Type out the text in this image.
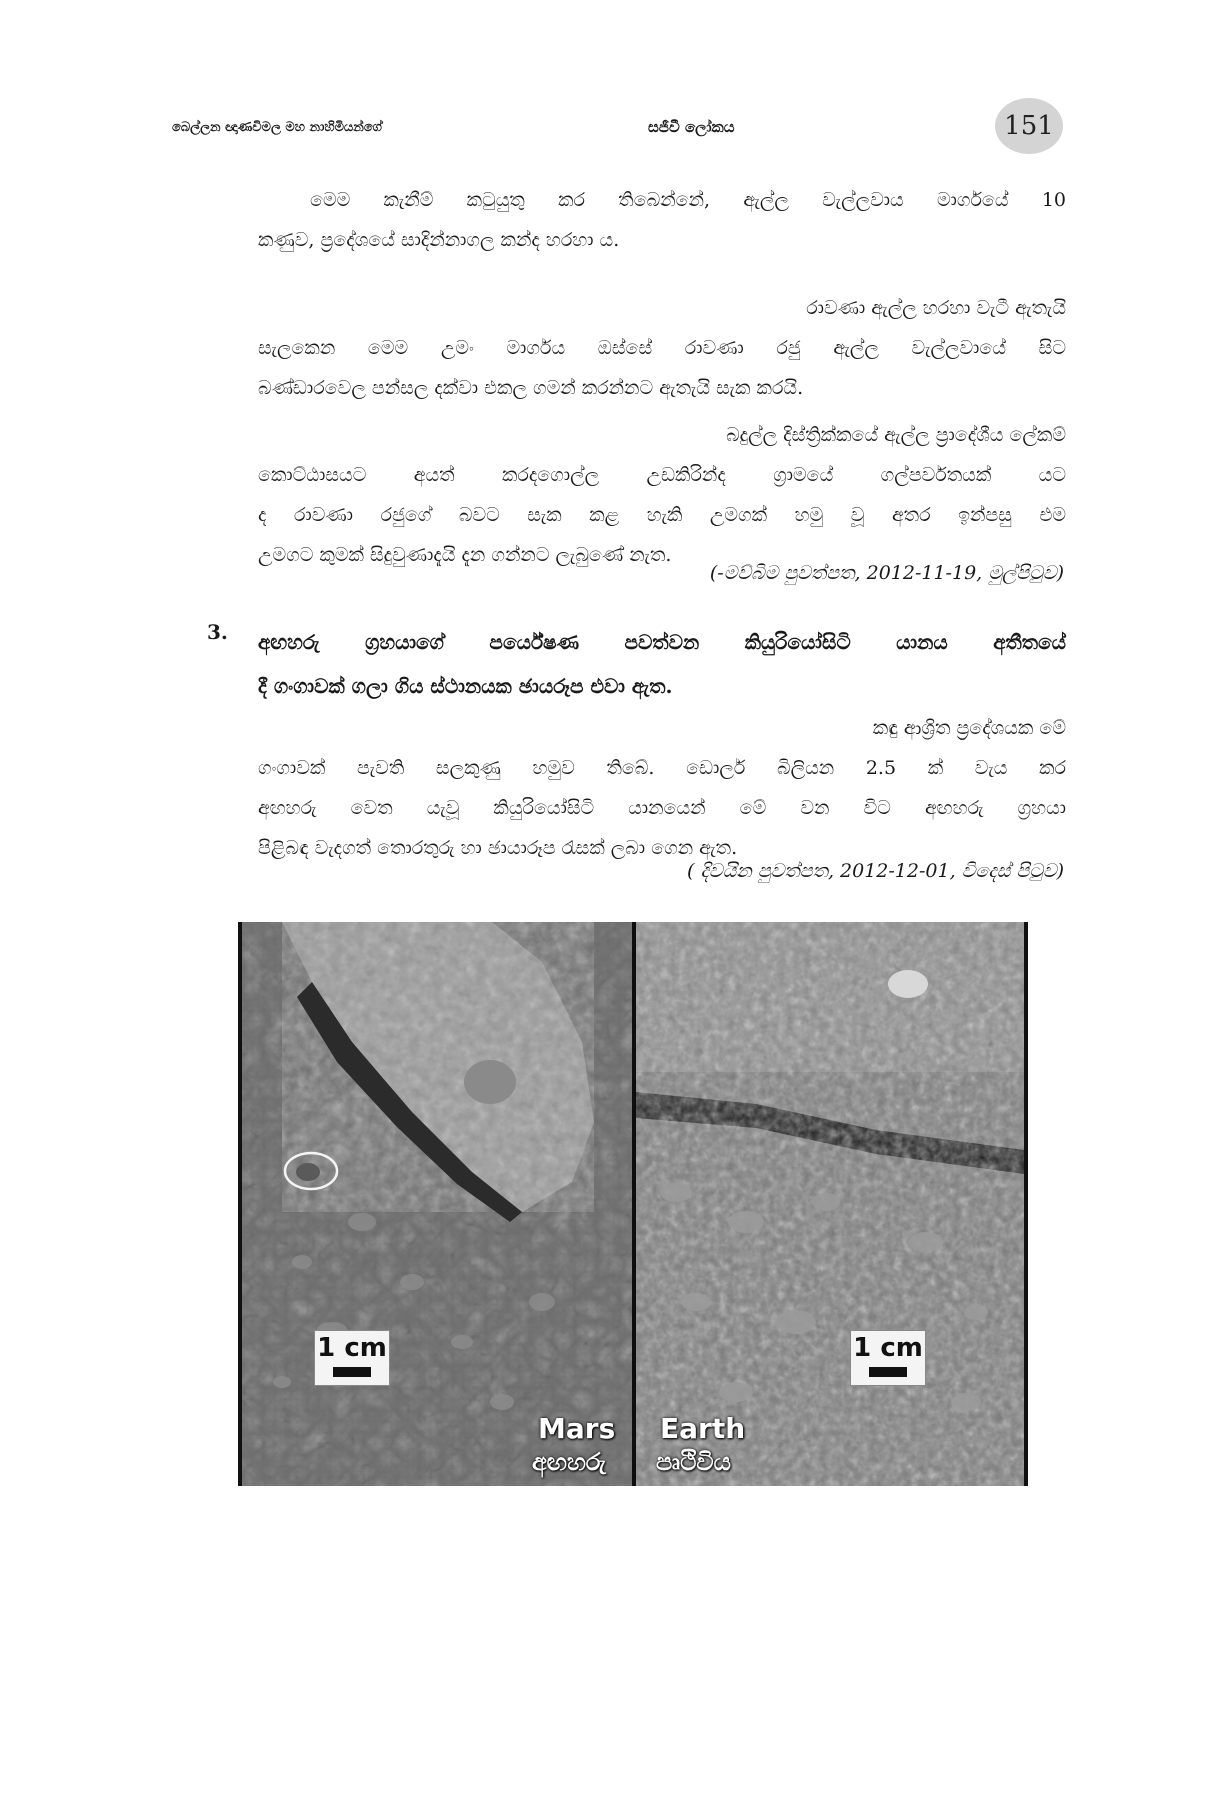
බෙල්ලන ඥාණවිමල මහ නාහිමියන්ගේ	සජීවී ලෝකය	151

මෙම කැනීම් කටුයුතු කර තිබෙන්නේ, ඇල්ල වැල්ලවාය මාර්ගයේ 10
කණුව, ප්‍රදේශයේ සාදින්නාගල කන්ද හරහා ය.

රාවණා ඇල්ල හරහා වැටී ඇතැයි
සැලකෙන මෙම උමං මාර්ගය ඔස්සේ රාවණා රජු ඇල්ල වැල්ලවායේ සිට
බණ්ඩාරවෙල පන්සල දක්වා එකල ගමන් කරන්නට ඇතැයි සැක කරයි.

බදුල්ල දිස්ත්‍රික්කයේ ඇල්ල ප්‍රාදේශීය ලේකම්
කොට්ඨාසයට අයත් කරදගොල්ල උඩකිරින්ද ග්‍රාමයේ ගල්පර්වතයක් යට
ද රාවණා රජුගේ බවට සැක කළ හැකි උමගක් හමු වූ අතර ඉන්පසු එම
උමගට කුමක් සිදුවුණාදැයි දැන ගන්නට ලැබුණේ නැත.

(-මව්බිම පුවත්පත, 2012-11-19, මුල්පිටුව)
3. අඟහරු ග්‍රහයාගේ පර්යේෂණ පවත්වන කියුරියෝසිටි යානය අතීතයේ
දී ගංගාවක් ගලා ගිය ස්ථානයක ඡායරූප එවා ඇත.

කඳු ආශ්‍රිත ප්‍රදේශයක මේ
ගංගාවක් පැවති සලකුණු හමුව තිබේ. ඩොලර් බිලියන 2.5 ක් වැය කර
අඟහරු වෙත යැවූ කියුරියෝසිටි යානයෙන් මේ වන විට අඟහරු ග්‍රහයා
පිළිබඳ වැදගත් තොරතුරු හා ඡායාරූප රැසක් ලබා ගෙන ඇත.

( දිවයින පුවත්පත, 2012-12-01, විදෙස් පිටුව)
1 cm
Mars
අඟහරු
1 cm
Earth
පෘථිවිය
